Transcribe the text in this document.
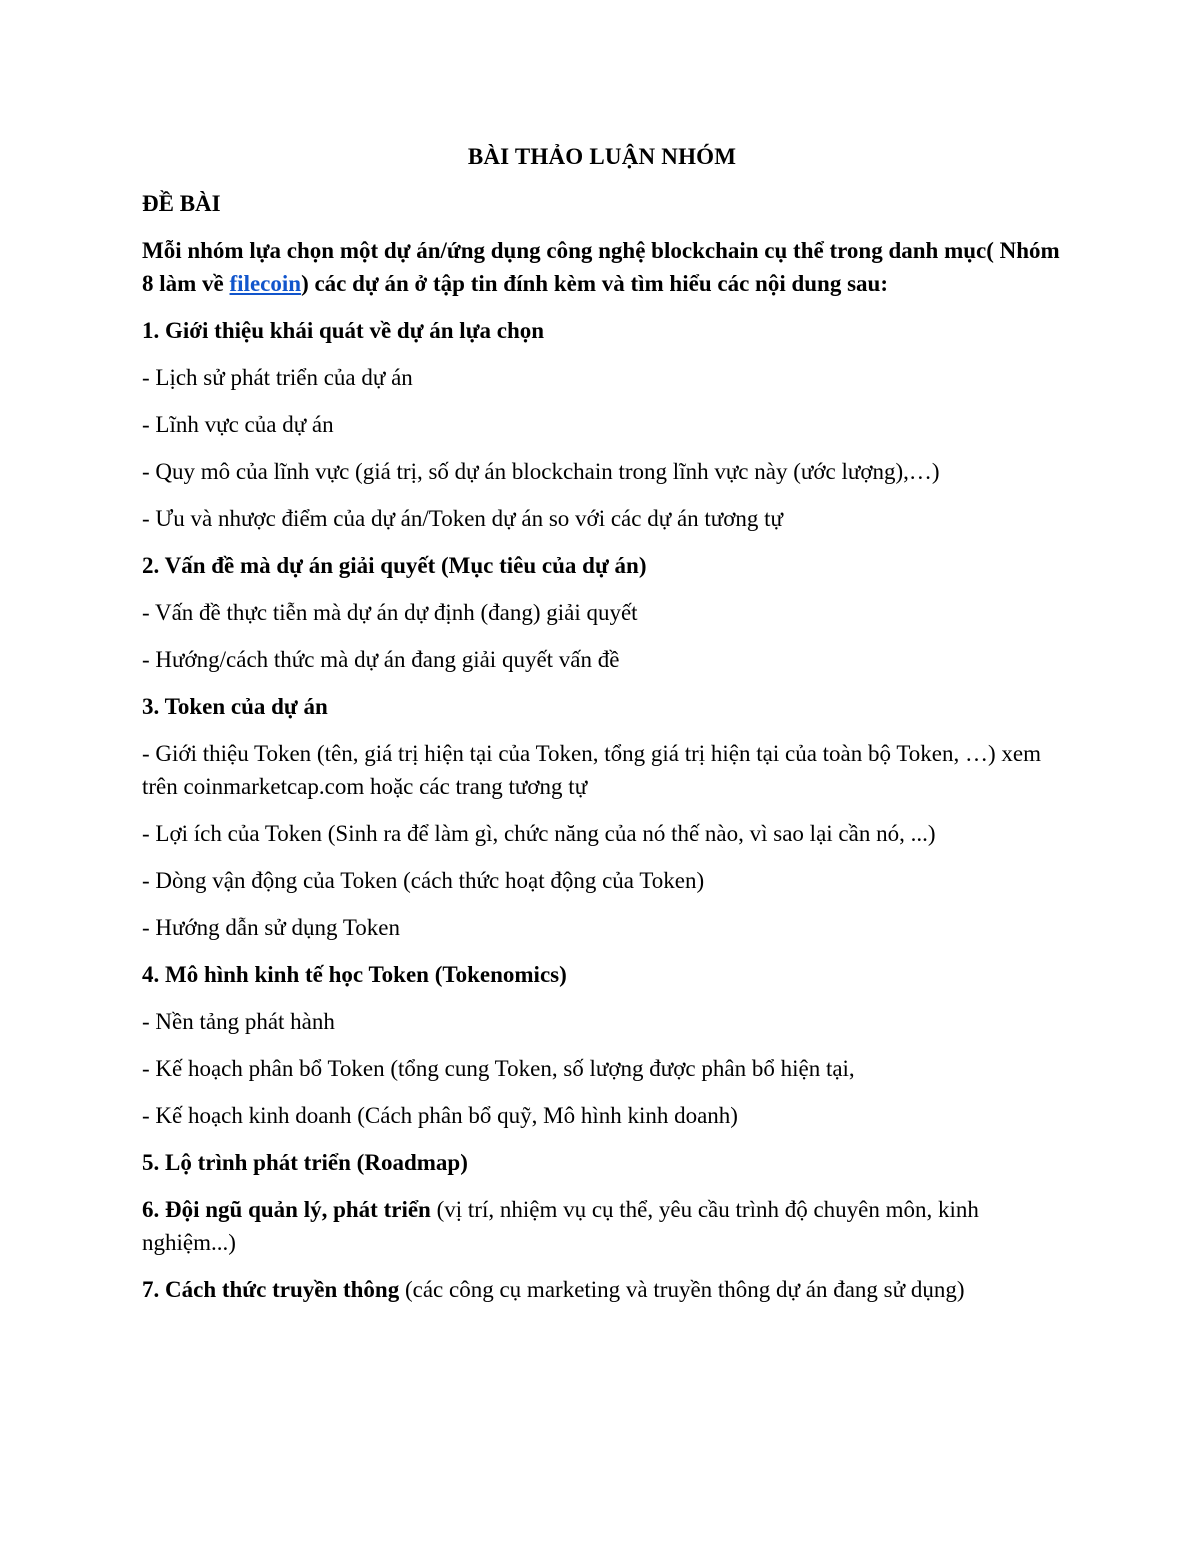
BÀI THẢO LUẬN NHÓM

ĐỀ BÀI

Mỗi nhóm lựa chọn một dự án/ứng dụng công nghệ blockchain cụ thể trong danh mục( Nhóm 8 làm về filecoin) các dự án ở tập tin đính kèm và tìm hiểu các nội dung sau:

1. Giới thiệu khái quát về dự án lựa chọn

- Lịch sử phát triển của dự án

- Lĩnh vực của dự án

- Quy mô của lĩnh vực (giá trị, số dự án blockchain trong lĩnh vực này (ước lượng),…)

- Ưu và nhược điểm của dự án/Token dự án so với các dự án tương tự

2. Vấn đề mà dự án giải quyết (Mục tiêu của dự án)

- Vấn đề thực tiễn mà dự án dự định (đang) giải quyết

- Hướng/cách thức mà dự án đang giải quyết vấn đề

3. Token của dự án

- Giới thiệu Token (tên, giá trị hiện tại của Token, tổng giá trị hiện tại của toàn bộ Token, …) xem trên coinmarketcap.com hoặc các trang tương tự

- Lợi ích của Token (Sinh ra để làm gì, chức năng của nó thế nào, vì sao lại cần nó, ...)

- Dòng vận động của Token (cách thức hoạt động của Token)

- Hướng dẫn sử dụng Token

4. Mô hình kinh tế học Token (Tokenomics)

- Nền tảng phát hành

- Kế hoạch phân bổ Token (tổng cung Token, số lượng được phân bổ hiện tại,

- Kế hoạch kinh doanh (Cách phân bổ quỹ, Mô hình kinh doanh)

5. Lộ trình phát triển (Roadmap)

6. Đội ngũ quản lý, phát triển (vị trí, nhiệm vụ cụ thể, yêu cầu trình độ chuyên môn, kinh nghiệm...)

7. Cách thức truyền thông (các công cụ marketing và truyền thông dự án đang sử dụng)
